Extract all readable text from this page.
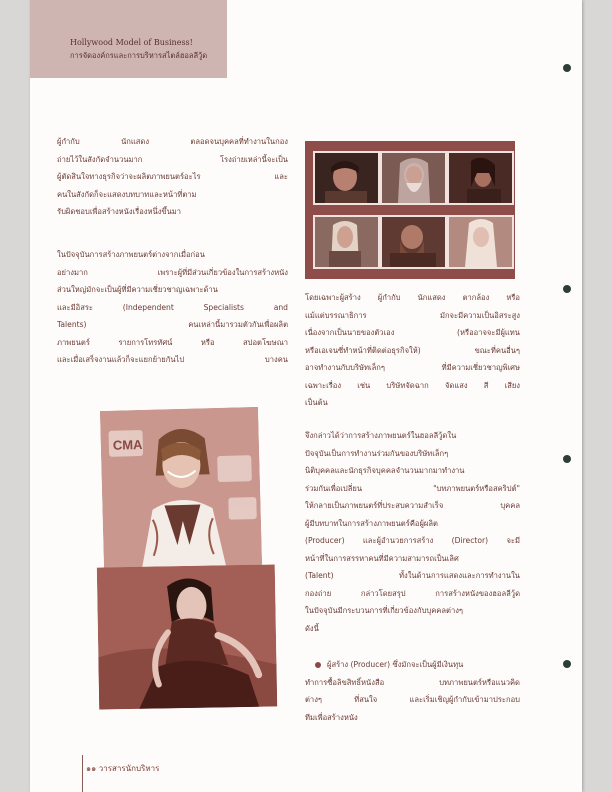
Hollywood Model of Business!
การจัดองค์กรและการบริหารสไตล์ฮอลลีวู้ด
ผู้กำกับ นักแสดง ตลอดจนบุคคลที่ทำงานในกอง
ถ่ายไว้ในสังกัดจำนวนมาก โรงถ่ายเหล่านี้จะเป็น
ผู้ตัดสินใจทางธุรกิจว่าจะผลิตภาพยนตร์อะไร และ
คนในสังกัดก็จะแสดงบทบาทและหน้าที่ตาม
รับผิดชอบเพื่อสร้างหนังเรื่องหนึ่งขึ้นมา
ในปัจจุบันการสร้างภาพยนตร์ต่างจากเมื่อก่อน
อย่างมาก เพราะผู้ที่มีส่วนเกี่ยวข้องในการสร้างหนัง
ส่วนใหญ่มักจะเป็นผู้ที่มีความเชี่ยวชาญเฉพาะด้าน
และมีอิสระ (Independent Specialists and
Talents) คนเหล่านี้มารวมตัวกันเพื่อผลิต
ภาพยนตร์ รายการโทรทัศน์ หรือ สปอตโฆษณา
และเมื่อเสร็จงานแล้วก็จะแยกย้ายกันไป บางคน
โดยเฉพาะผู้สร้าง ผู้กำกับ นักแสดง ตากล้อง หรือ
แม้แต่บรรณาธิการ มักจะมีความเป็นอิสระสูง
เนื่องจากเป็นนายของตัวเอง (หรืออาจจะมีผู้แทน
หรือเอเจนซี่ทำหน้าที่ติดต่อธุรกิจให้) ขณะที่คนอื่นๆ
อาจทำงานกับบริษัทเล็กๆ ที่มีความเชี่ยวชาญพิเศษ
เฉพาะเรื่อง เช่น บริษัทจัดฉาก จัดแสง สี เสียง
เป็นต้น
จึงกล่าวได้ว่าการสร้างภาพยนตร์ในฮอลลีวู้ดใน
ปัจจุบันเป็นการทำงานร่วมกันของบริษัทเล็กๆ
นิติบุคคลและนักธุรกิจบุคคลจำนวนมากมาทำงาน
ร่วมกันเพื่อเปลี่ยน "บทภาพยนตร์หรือสคริปต์"
ให้กลายเป็นภาพยนตร์ที่ประสบความสำเร็จ บุคคล
ผู้มีบทบาทในการสร้างภาพยนตร์คือผู้ผลิต
(Producer) และผู้อำนวยการสร้าง (Director) จะมี
หน้าที่ในการสรรหาคนที่มีความสามารถเป็นเลิศ
(Talent) ทั้งในด้านการแสดงและการทำงานใน
กองถ่าย กล่าวโดยสรุป การสร้างหนังของฮอลลีวู้ด
ในปัจจุบันมีกระบวนการที่เกี่ยวข้องกับบุคคลต่างๆ
ดังนี้
ผู้สร้าง (Producer) ซึ่งมักจะเป็นผู้มีเงินทุน
ทำการซื้อลิขสิทธิ์หนังสือ บทภาพยนตร์หรือแนวคิด
ต่างๆ ที่สนใจ และเริ่มเชิญผู้กำกับเข้ามาประกอบ
ทีมเพื่อสร้างหนัง
CMA
๑๑ วารสารนักบริหาร
